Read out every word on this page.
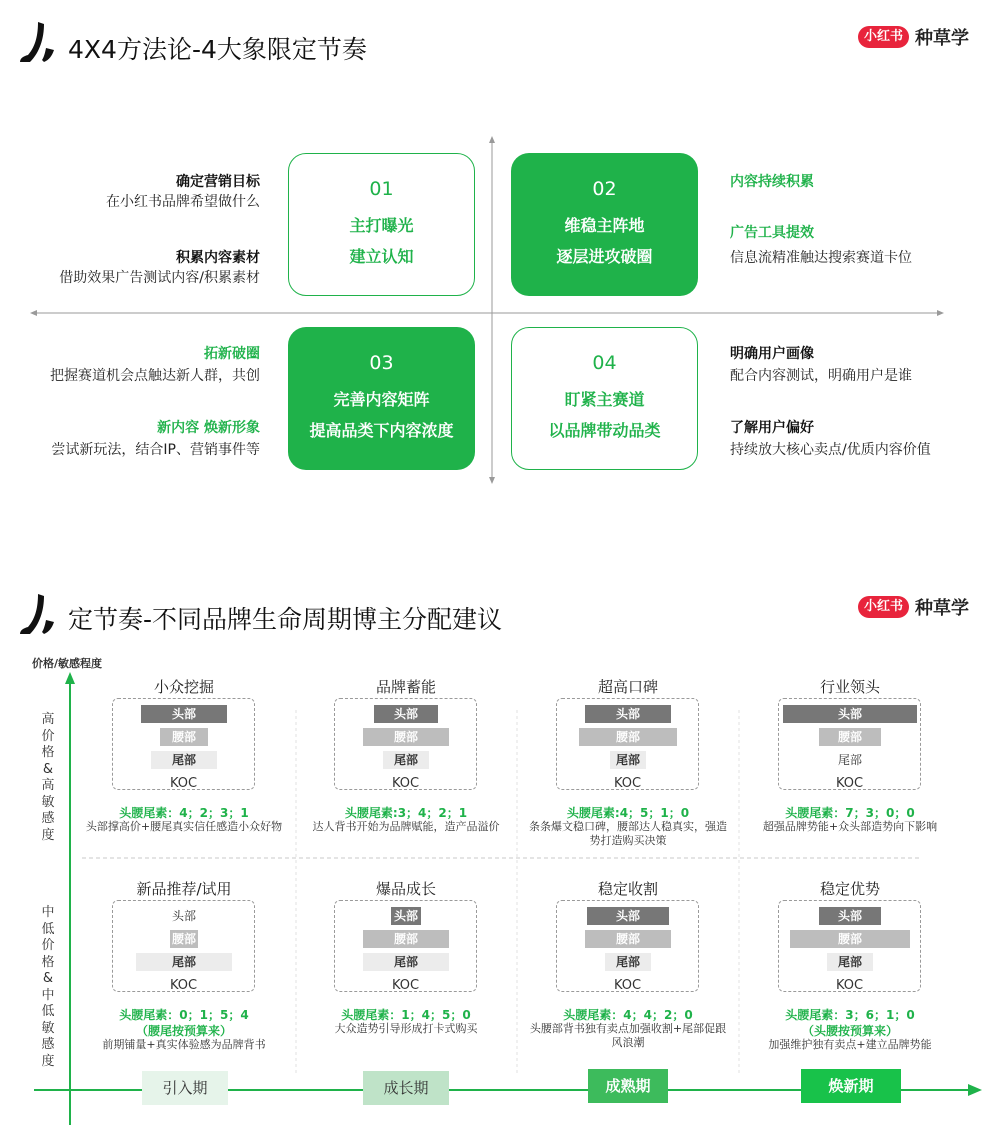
4X4方法论-4大象限定节奏	小红书 种草学
01
主打曝光
建立认知
02
维稳主阵地
逐层进攻破圈
03
完善内容矩阵
提高品类下内容浓度
04
盯紧主赛道
以品牌带动品类
确定营销目标
在小红书品牌希望做什么
积累内容素材
借助效果广告测试内容/积累素材
内容持续积累
广告工具提效
信息流精准触达搜索赛道卡位
拓新破圈
把握赛道机会点触达新人群，共创
新内容 焕新形象
尝试新玩法，结合IP、营销事件等
明确用户画像
配合内容测试，明确用户是谁
了解用户偏好
持续放大核心卖点/优质内容价值
定节奏-不同品牌生命周期博主分配建议	小红书 种草学
价格/敏感程度
高价格&高敏感度
中低价格&中低敏感度
小众挖掘
头部
腰部
尾部
KOC
头腰尾素：4；2；3；1
头部撑高价+腰尾真实信任感造小众好物
品牌蓄能
头部
腰部
尾部
KOC
头腰尾素:3；4；2；1
达人背书开始为品牌赋能，造产品溢价
超高口碑
头部
腰部
尾部
KOC
头腰尾素:4；5；1；0
条条爆文稳口碑，腰部达人稳真实，强造势打造购买决策
行业领头
头部
腰部
尾部
KOC
头腰尾素：7；3；0；0
超强品牌势能+众头部造势向下影响
新品推荐/试用
头部
腰部
尾部
KOC
头腰尾素：0；1；5；4
（腰尾按预算来）
前期铺量+真实体验感为品牌背书
爆品成长
头部
腰部
尾部
KOC
头腰尾素：1；4；5；0
大众造势引导形成打卡式购买
稳定收割
头部
腰部
尾部
KOC
头腰尾素：4；4；2；0
头腰部背书独有卖点加强收割+尾部促跟风浪潮
稳定优势
头部
腰部
尾部
KOC
头腰尾素：3；6；1；0
（头腰按预算来）
加强维护独有卖点+建立品牌势能
引入期	成长期	成熟期	焕新期
